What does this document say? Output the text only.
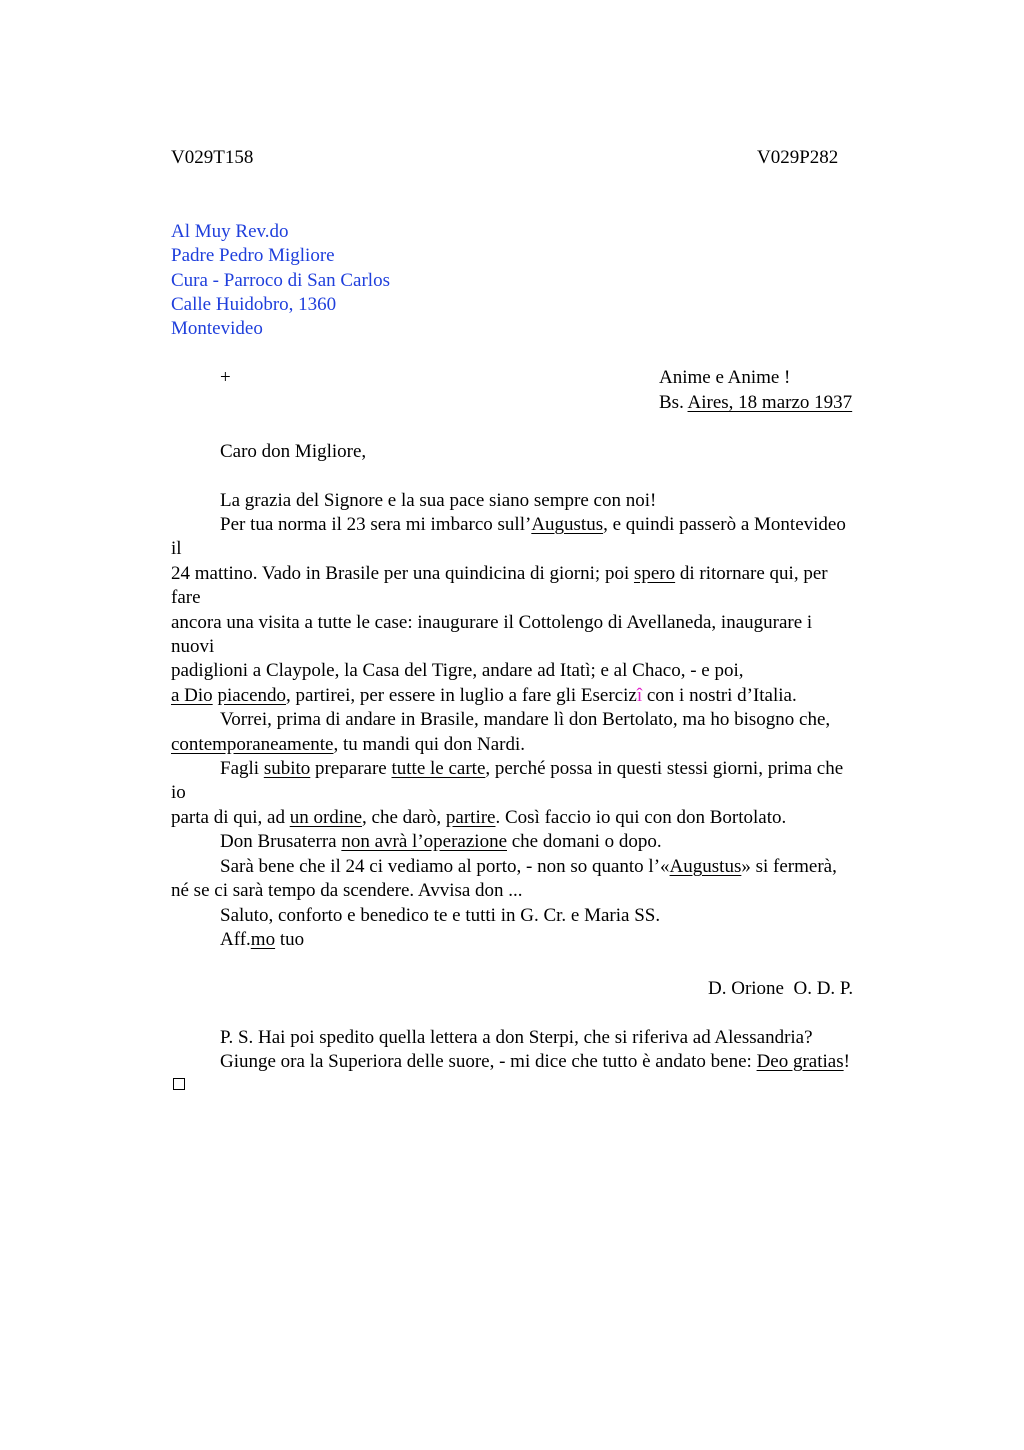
V029T158	V029P282
Al Muy Rev.do
Padre Pedro Migliore
Cura - Parroco di San Carlos
Calle Huidobro, 1360
Montevideo
+	Anime e Anime !
Bs. Aires, 18 marzo 1937
Caro don Migliore,
La grazia del Signore e la sua pace siano sempre con noi!
Per tua norma il 23 sera mi imbarco sull’Augustus, e quindi passerò a Montevideo
il
24 mattino. Vado in Brasile per una quindicina di giorni; poi spero di ritornare qui, per
fare
ancora una visita a tutte le case: inaugurare il Cottolengo di Avellaneda, inaugurare i
nuovi
padiglioni a Claypole, la Casa del Tigre, andare ad Itatì; e al Chaco, - e poi,
a Dio piacendo, partirei, per essere in luglio a fare gli Esercizî con i nostri d’Italia.
Vorrei, prima di andare in Brasile, mandare lì don Bertolato, ma ho bisogno che,
contemporaneamente, tu mandi qui don Nardi.
Fagli subito preparare tutte le carte, perché possa in questi stessi giorni, prima che
io
parta di qui, ad un ordine, che darò, partire. Così faccio io qui con don Bortolato.
Don Brusaterra non avrà l’operazione che domani o dopo.
Sarà bene che il 24 ci vediamo al porto, - non so quanto l’«Augustus» si fermerà,
né se ci sarà tempo da scendere. Avvisa don ...
Saluto, conforto e benedico te e tutti in G. Cr. e Maria SS.
Aff.mo tuo
D. Orione  O. D. P.
P. S. Hai poi spedito quella lettera a don Sterpi, che si riferiva ad Alessandria?
Giunge ora la Superiora delle suore, - mi dice che tutto è andato bene: Deo gratias!
